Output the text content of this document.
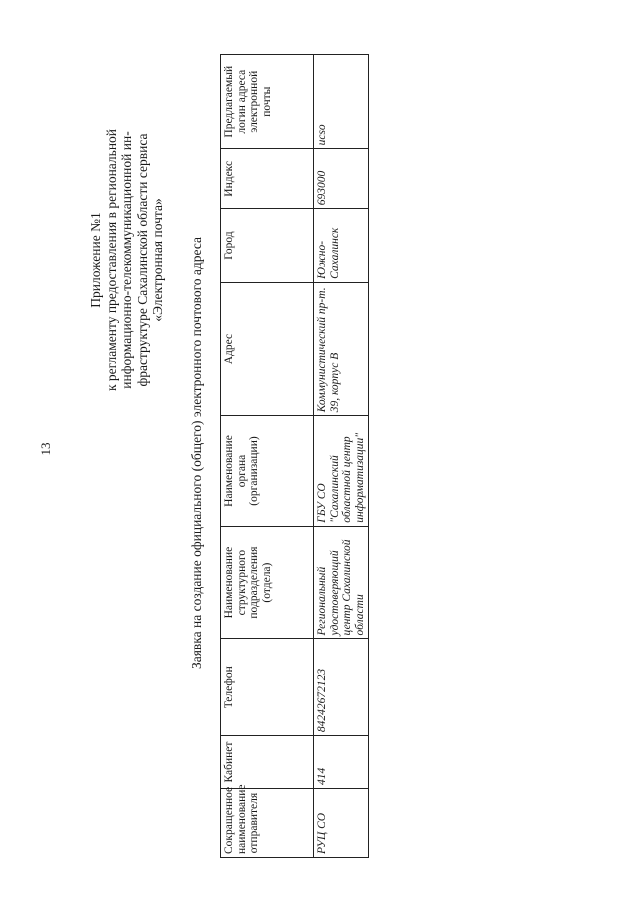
13
Приложение №1 к регламенту предоставления в региональной информационно-телекоммуникационной ин- фраструктуре Сахалинской области сервиса «Электронная почта» Заявка на создание официального (общего) электронного почтового адреса
Сокращенное наименование отправителя	Кабинет	Телефон	Наименование структурного подразделения (отдела)	Наименование органа (организации)	Адрес	Город	Индекс	Предлагаемый логин адреса электронной почты
РУЦ СО	414	84242672123	Региональный удостоверяющий центр Сахалинской области	ГБУ СО "Сахалинский областной центр информатизации"	Коммунистический пр-т. 39, корпус В	Южно-Сахалинск	693000	ucso
